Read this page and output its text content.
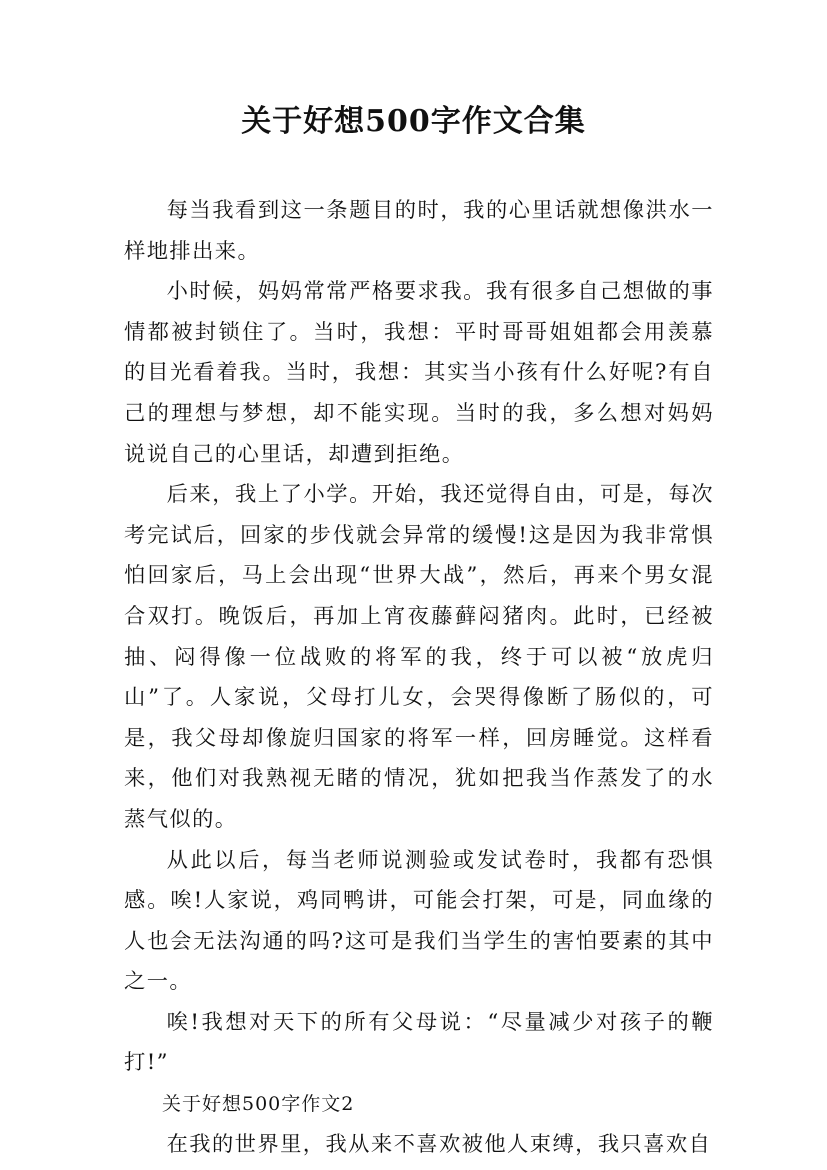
关于好想500字作文合集

每当我看到这一条题目的时，我的心里话就想像洪水一样地排出来。

小时候，妈妈常常严格要求我。我有很多自己想做的事情都被封锁住了。当时，我想：平时哥哥姐姐都会用羡慕的目光看着我。当时，我想：其实当小孩有什么好呢?有自己的理想与梦想，却不能实现。当时的我，多么想对妈妈说说自己的心里话，却遭到拒绝。

后来，我上了小学。开始，我还觉得自由，可是，每次考完试后，回家的步伐就会异常的缓慢!这是因为我非常惧怕回家后，马上会出现“世界大战”，然后，再来个男女混合双打。晚饭后，再加上宵夜藤藓闷猪肉。此时，已经被抽、闷得像一位战败的将军的我，终于可以被“放虎归山”了。人家说，父母打儿女，会哭得像断了肠似的，可是，我父母却像旋归国家的将军一样，回房睡觉。这样看来，他们对我熟视无睹的情况，犹如把我当作蒸发了的水蒸气似的。

从此以后，每当老师说测验或发试卷时，我都有恐惧感。唉!人家说，鸡同鸭讲，可能会打架，可是，同血缘的人也会无法沟通的吗?这可是我们当学生的害怕要素的其中之一。

唉!我想对天下的所有父母说：“尽量减少对孩子的鞭打!”

关于好想500字作文2

在我的世界里，我从来不喜欢被他人束缚，我只喜欢自
